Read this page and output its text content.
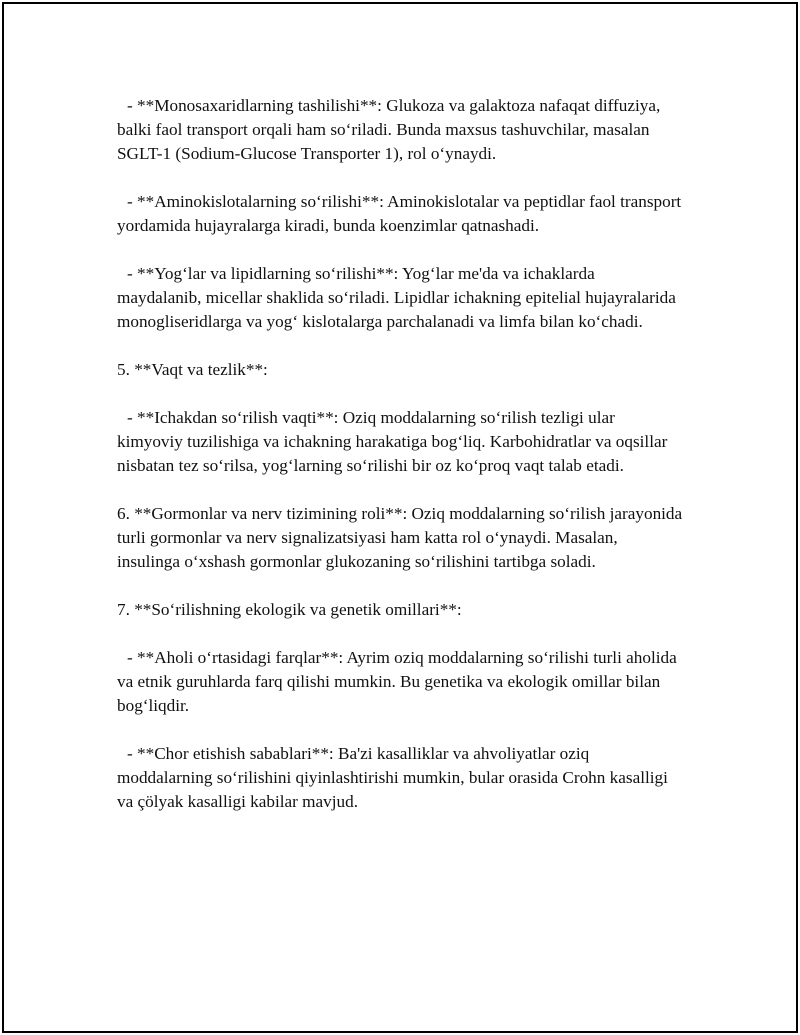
- **Monosaxaridlarning tashilishi**: Glukoza va galaktoza nafaqat diffuziya, balki faol transport orqali ham so‘riladi. Bunda maxsus tashuvchilar, masalan SGLT-1 (Sodium-Glucose Transporter 1), rol o‘ynaydi.

- **Aminokislotalarning so‘rilishi**: Aminokislotalar va peptidlar faol transport yordamida hujayralarga kiradi, bunda koenzimlar qatnashadi.

- **Yog‘lar va lipidlarning so‘rilishi**: Yog‘lar me'da va ichaklarda maydalanib, micellar shaklida so‘riladi. Lipidlar ichakning epitelial hujayralarida monogliseridlarga va yog‘ kislotalarga parchalanadi va limfa bilan ko‘chadi.

5. **Vaqt va tezlik**:

- **Ichakdan so‘rilish vaqti**: Oziq moddalarning so‘rilish tezligi ular kimyoviy tuzilishiga va ichakning harakatiga bog‘liq. Karbohidratlar va oqsillar nisbatan tez so‘rilsa, yog‘larning so‘rilishi bir oz ko‘proq vaqt talab etadi.

6. **Gormonlar va nerv tizimining roli**: Oziq moddalarning so‘rilish jarayonida turli gormonlar va nerv signalizatsiyasi ham katta rol o‘ynaydi. Masalan, insulinga o‘xshash gormonlar glukozaning so‘rilishini tartibga soladi.

7. **So‘rilishning ekologik va genetik omillari**:

- **Aholi o‘rtasidagi farqlar**: Ayrim oziq moddalarning so‘rilishi turli aholida va etnik guruhlarda farq qilishi mumkin. Bu genetika va ekologik omillar bilan bog‘liqdir.

- **Chor etishish sabablari**: Ba'zi kasalliklar va ahvoliyatlar oziq moddalarning so‘rilishini qiyinlashtirishi mumkin, bular orasida Crohn kasalligi va çölyak kasalligi kabilar mavjud.
